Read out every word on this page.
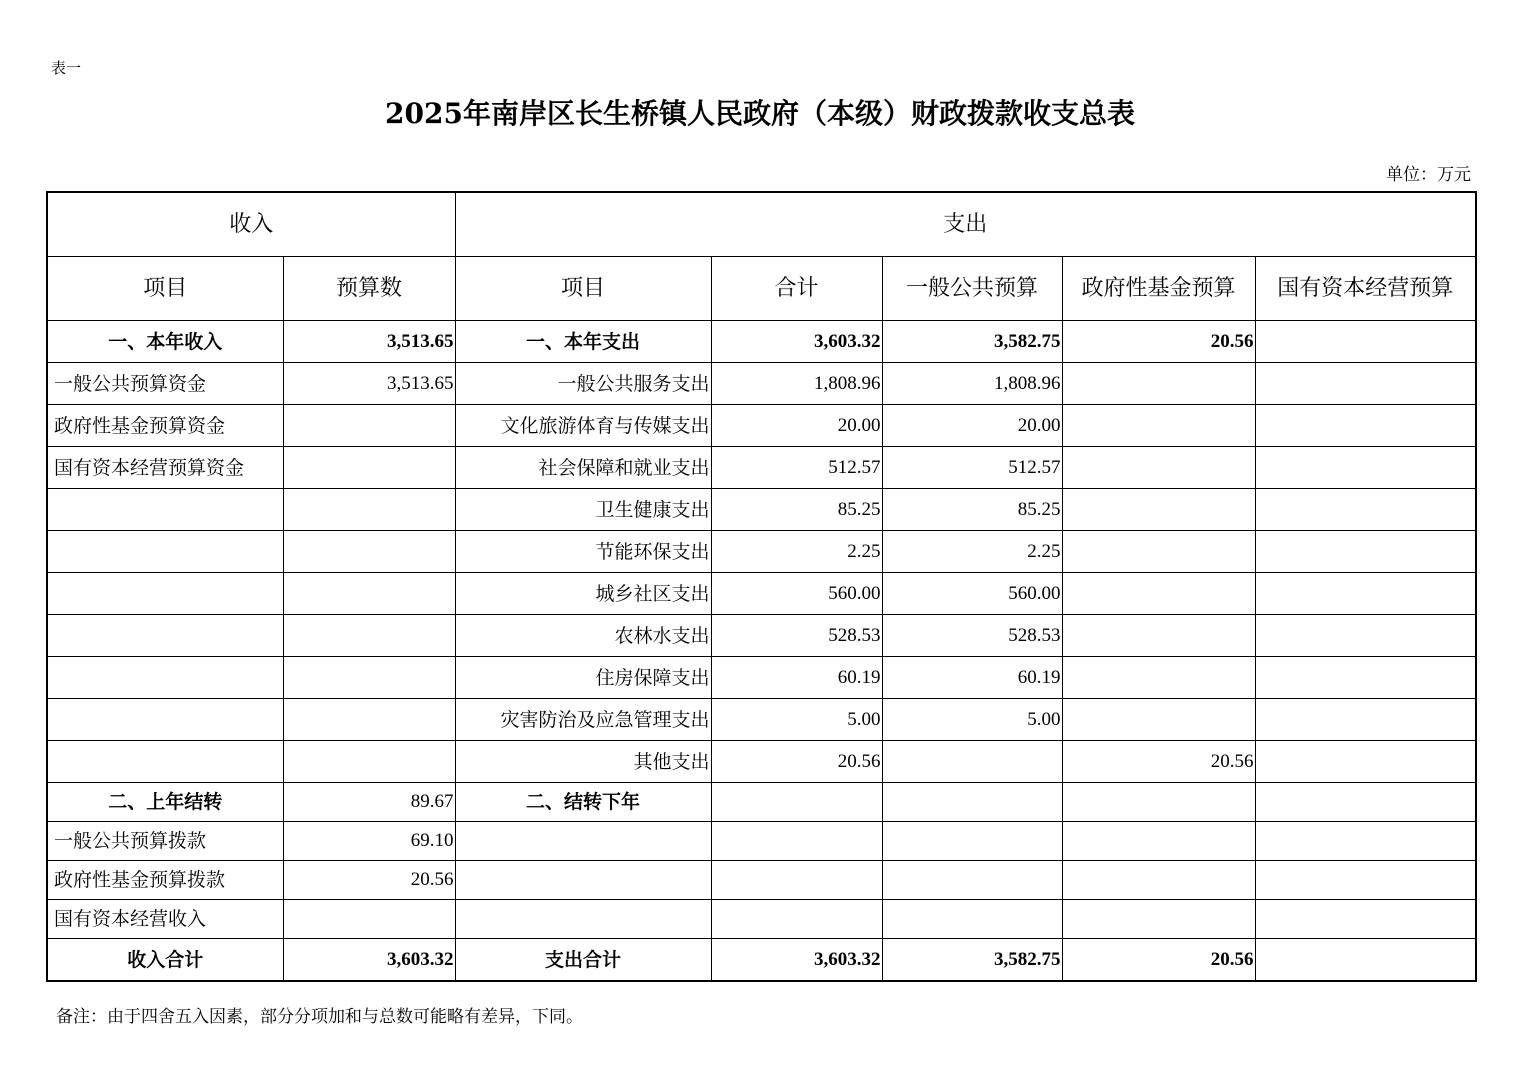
表一
2025年南岸区长生桥镇人民政府（本级）财政拨款收支总表
单位：万元
收入		支出				
项目	预算数	项目	合计	一般公共预算	政府性基金预算	国有资本经营预算
一、本年收入	3,513.65	一、本年支出	3,603.32	3,582.75	20.56	
一般公共预算资金	3,513.65	一般公共服务支出	1,808.96	1,808.96		
政府性基金预算资金		文化旅游体育与传媒支出	20.00	20.00		
国有资本经营预算资金		社会保障和就业支出	512.57	512.57		
		卫生健康支出	85.25	85.25		
		节能环保支出	2.25	2.25		
		城乡社区支出	560.00	560.00		
		农林水支出	528.53	528.53		
		住房保障支出	60.19	60.19		
		灾害防治及应急管理支出	5.00	5.00		
		其他支出	20.56		20.56	
二、上年结转	89.67	二、结转下年				
一般公共预算拨款	69.10					
政府性基金预算拨款	20.56					
国有资本经营收入						
收入合计	3,603.32	支出合计	3,603.32	3,582.75	20.56	
备注：由于四舍五入因素，部分分项加和与总数可能略有差异，下同。
